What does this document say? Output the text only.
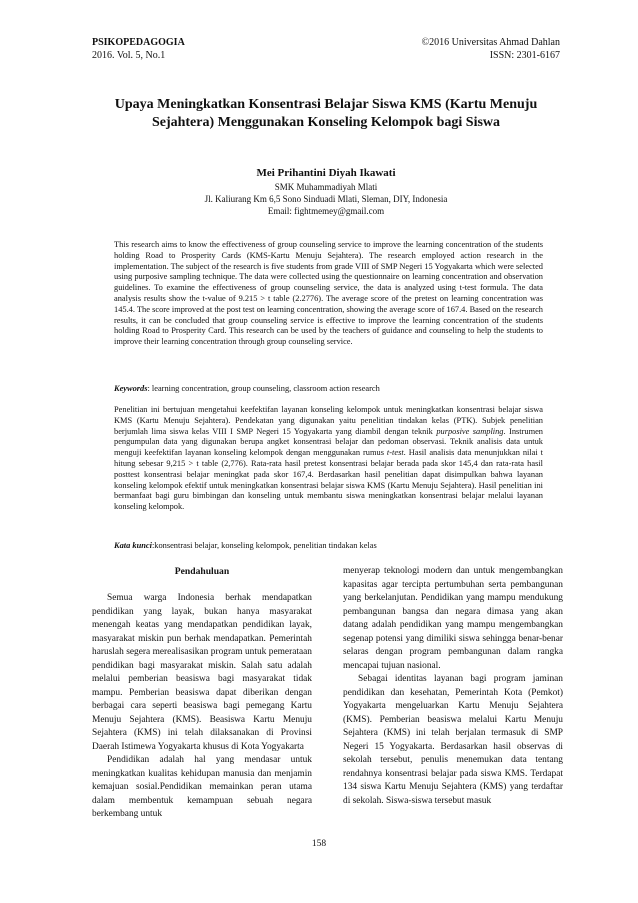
PSIKOPEDAGOGIA
2016. Vol. 5, No.1
©2016 Universitas Ahmad Dahlan
ISSN: 2301-6167
Upaya Meningkatkan Konsentrasi Belajar Siswa KMS (Kartu Menuju
Sejahtera) Menggunakan Konseling Kelompok bagi Siswa
Mei Prihantini Diyah Ikawati
SMK Muhammadiyah Mlati
Jl. Kaliurang Km 6,5 Sono Sinduadi Mlati, Sleman, DIY, Indonesia
Email: fightmemey@gmail.com
This research aims to know the effectiveness of group counseling service to improve the learning concentration of the students holding Road to Prosperity Cards (KMS-Kartu Menuju Sejahtera). The research employed action research in the implementation. The subject of the research is five students from grade VIII of SMP Negeri 15 Yogyakarta which were selected using purposive sampling technique. The data were collected using the questionnaire on learning concentration and observation guidelines. To examine the effectiveness of group counseling service, the data is analyzed using t-test formula. The data analysis results show the t-value of 9.215 > t table (2.2776). The average score of the pretest on learning concentration was 145.4. The score improved at the post test on learning concentration, showing the average score of 167.4. Based on the research results, it can be concluded that group counseling service is effective to improve the learning concentration of the students holding Road to Prosperity Card. This research can be used by the teachers of guidance and counseling to help the students to improve their learning concentration through group counseling service.
Keywords: learning concentration, group counseling, classroom action research
Penelitian ini bertujuan mengetahui keefektifan layanan konseling kelompok untuk meningkatkan konsentrasi belajar siswa KMS (Kartu Menuju Sejahtera). Pendekatan yang digunakan yaitu penelitian tindakan kelas (PTK). Subjek penelitian berjumlah lima siswa kelas VIII I SMP Negeri 15 Yogyakarta yang diambil dengan teknik purposive sampling. Instrumen pengumpulan data yang digunakan berupa angket konsentrasi belajar dan pedoman observasi. Teknik analisis data untuk menguji keefektifan layanan konseling kelompok dengan menggunakan rumus t-test. Hasil analisis data menunjukkan nilai t hitung sebesar 9,215 > t table (2,776). Rata-rata hasil pretest konsentrasi belajar berada pada skor 145,4 dan rata-rata hasil posttest konsentrasi belajar meningkat pada skor 167,4. Berdasarkan hasil penelitian dapat disimpulkan bahwa layanan konseling kelompok efektif untuk meningkatkan konsentrasi belajar siswa KMS (Kartu Menuju Sejahtera). Hasil penelitian ini bermanfaat bagi guru bimbingan dan konseling untuk membantu siswa meningkatkan konsentrasi belajar melalui layanan konseling kelompok.
Kata kunci:konsentrasi belajar, konseling kelompok, penelitian tindakan kelas
Pendahuluan

Semua warga Indonesia berhak mendapatkan pendidikan yang layak, bukan hanya masyarakat menengah keatas yang mendapatkan pendidikan layak, masyarakat miskin pun berhak mendapatkan. Pemerintah haruslah segera merealisasikan program untuk pemerataan pendidikan bagi masyarakat miskin. Salah satu adalah melalui pemberian beasiswa bagi masyarakat tidak mampu. Pemberian beasiswa dapat diberikan dengan berbagai cara seperti beasiswa bagi pemegang Kartu Menuju Sejahtera (KMS). Beasiswa Kartu Menuju Sejahtera (KMS) ini telah dilaksanakan di Provinsi Daerah Istimewa Yogyakarta khusus di Kota Yogyakarta

Pendidikan adalah hal yang mendasar untuk meningkatkan kualitas kehidupan manusia dan menjamin kemajuan sosial.Pendidikan memainkan peran utama dalam membentuk kemampuan sebuah negara berkembang untuk

menyerap teknologi modern dan untuk mengembangkan kapasitas agar tercipta pertumbuhan serta pembangunan yang berkelanjutan. Pendidikan yang mampu mendukung pembangunan bangsa dan negara dimasa yang akan datang adalah pendidikan yang mampu mengembangkan segenap potensi yang dimiliki siswa sehingga benar-benar selaras dengan program pembangunan dalam rangka mencapai tujuan nasional.

Sebagai identitas layanan bagi program jaminan pendidikan dan kesehatan, Pemerintah Kota (Pemkot) Yogyakarta mengeluarkan Kartu Menuju Sejahtera (KMS). Pemberian beasiswa melalui Kartu Menuju Sejahtera (KMS) ini telah berjalan termasuk di SMP Negeri 15 Yogyakarta. Berdasarkan hasil observas di sekolah tersebut, penulis menemukan data tentang rendahnya konsentrasi belajar pada siswa KMS. Terdapat 134 siswa Kartu Menuju Sejahtera (KMS) yang terdaftar di sekolah. Siswa-siswa tersebut masuk

158
